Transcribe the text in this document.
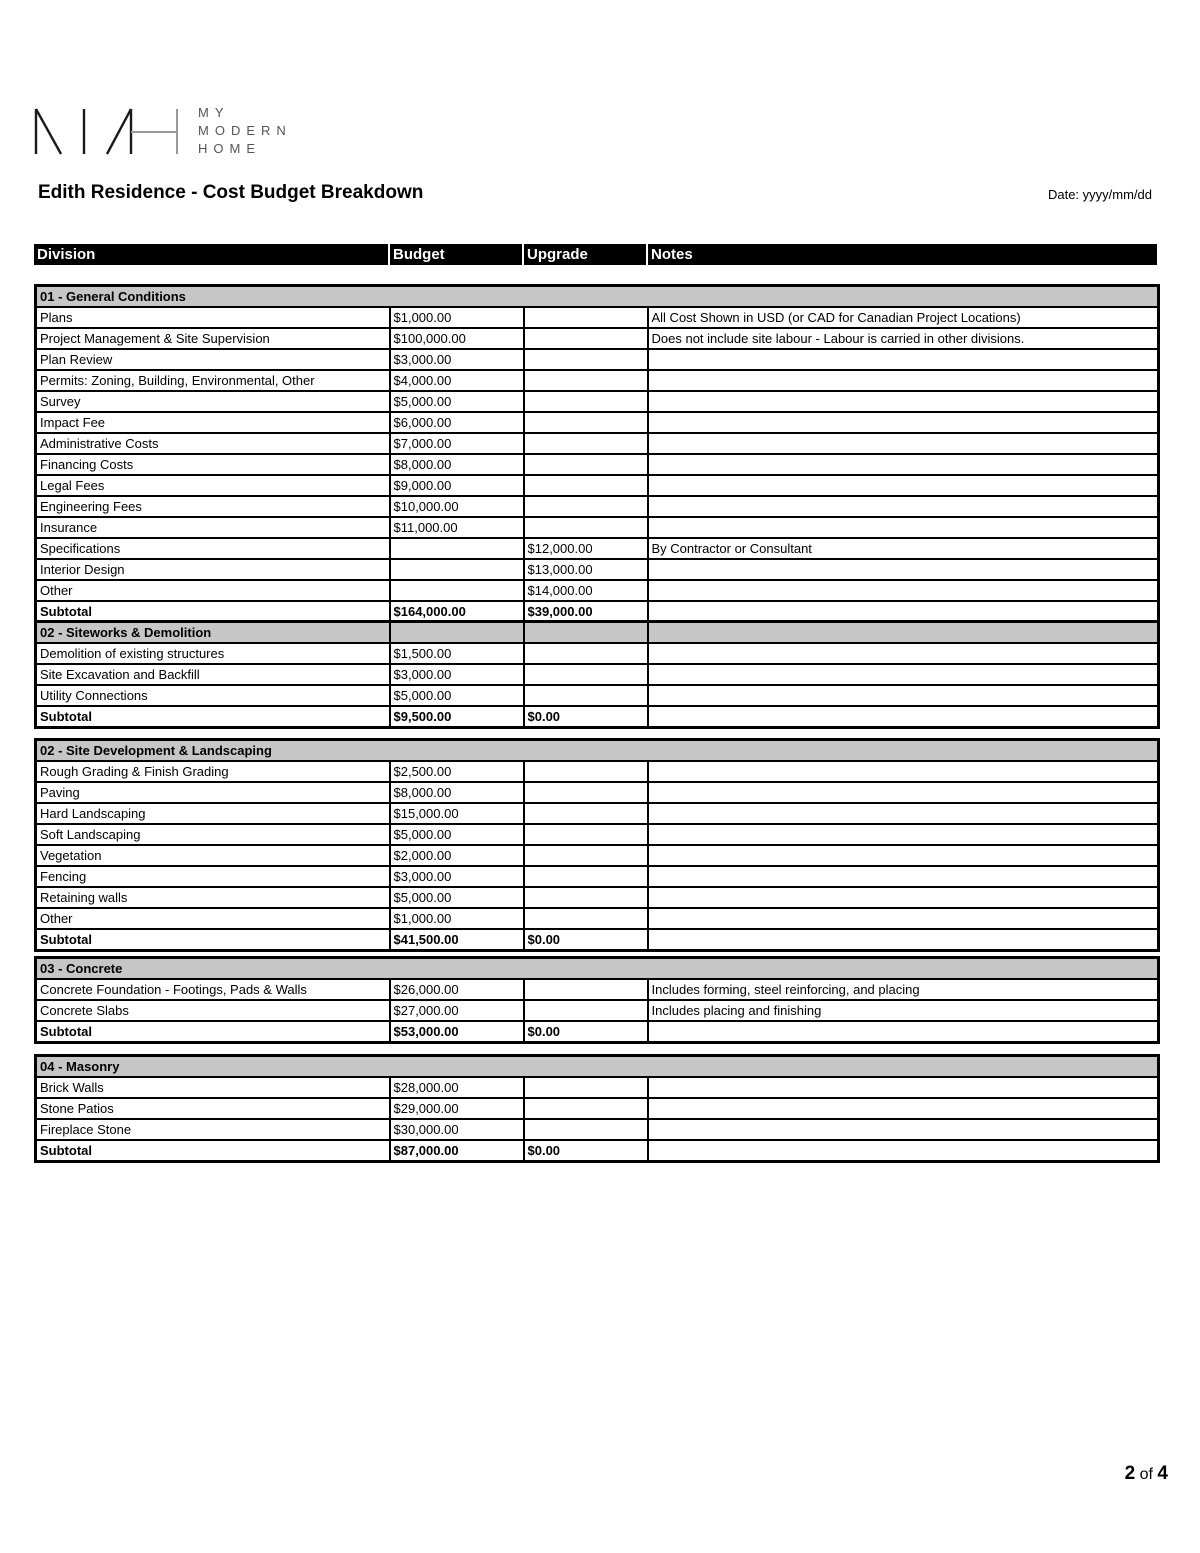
MY
MODERN
HOME
Edith Residence - Cost Budget Breakdown	Date: yyyy/mm/dd
Division	Budget	Upgrade	Notes
01 - General Conditions			
Plans	$1,000.00		All Cost Shown in USD (or CAD for Canadian Project Locations)
Project Management & Site Supervision	$100,000.00		Does not include site labour - Labour is carried in other divisions.
Plan Review	$3,000.00		
Permits: Zoning, Building, Environmental, Other	$4,000.00		
Survey	$5,000.00		
Impact Fee	$6,000.00		
Administrative Costs	$7,000.00		
Financing Costs	$8,000.00		
Legal Fees	$9,000.00		
Engineering Fees	$10,000.00		
Insurance	$11,000.00		
Specifications		$12,000.00	By Contractor or Consultant
Interior Design		$13,000.00	
Other		$14,000.00	
Subtotal	$164,000.00	$39,000.00	
02 - Siteworks & Demolition			
Demolition of existing structures	$1,500.00		
Site Excavation and Backfill	$3,000.00		
Utility Connections	$5,000.00		
Subtotal	$9,500.00	$0.00	
02 - Site Development & Landscaping			
Rough Grading & Finish Grading	$2,500.00		
Paving	$8,000.00		
Hard Landscaping	$15,000.00		
Soft Landscaping	$5,000.00		
Vegetation	$2,000.00		
Fencing	$3,000.00		
Retaining walls	$5,000.00		
Other	$1,000.00		
Subtotal	$41,500.00	$0.00	
03 - Concrete			
Concrete Foundation - Footings, Pads & Walls	$26,000.00		Includes forming, steel reinforcing, and placing
Concrete Slabs	$27,000.00		Includes placing and finishing
Subtotal	$53,000.00	$0.00	
04 - Masonry			
Brick Walls	$28,000.00		
Stone Patios	$29,000.00		
Fireplace Stone	$30,000.00		
Subtotal	$87,000.00	$0.00	
2 of 4
